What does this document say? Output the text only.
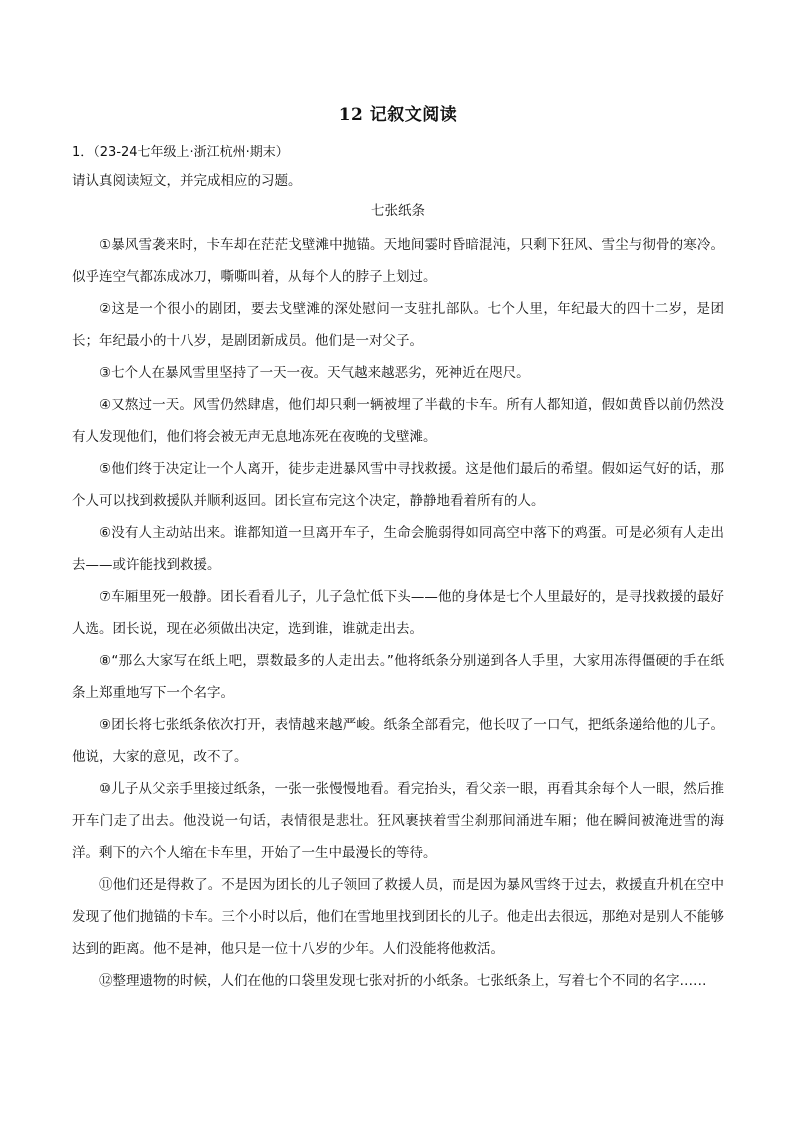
12 记叙文阅读
1．（23-24七年级上·浙江杭州·期末）
请认真阅读短文，并完成相应的习题。
七张纸条

①暴风雪袭来时，卡车却在茫茫戈壁滩中抛锚。天地间霎时昏暗混沌，只剩下狂风、雪尘与彻骨的寒冷。似乎连空气都冻成冰刀，嘶嘶叫着，从每个人的脖子上划过。

②这是一个很小的剧团，要去戈壁滩的深处慰问一支驻扎部队。七个人里，年纪最大的四十二岁，是团长；年纪最小的十八岁，是剧团新成员。他们是一对父子。

③七个人在暴风雪里坚持了一天一夜。天气越来越恶劣，死神近在咫尺。

④又熬过一天。风雪仍然肆虐，他们却只剩一辆被埋了半截的卡车。所有人都知道，假如黄昏以前仍然没有人发现他们，他们将会被无声无息地冻死在夜晚的戈壁滩。

⑤他们终于决定让一个人离开，徒步走进暴风雪中寻找救援。这是他们最后的希望。假如运气好的话，那个人可以找到救援队并顺利返回。团长宣布完这个决定，静静地看着所有的人。

⑥没有人主动站出来。谁都知道一旦离开车子，生命会脆弱得如同高空中落下的鸡蛋。可是必须有人走出去——或许能找到救援。

⑦车厢里死一般静。团长看看儿子，儿子急忙低下头——他的身体是七个人里最好的，是寻找救援的最好人选。团长说，现在必须做出决定，选到谁，谁就走出去。

⑧“那么大家写在纸上吧，票数最多的人走出去。”他将纸条分别递到各人手里，大家用冻得僵硬的手在纸条上郑重地写下一个名字。

⑨团长将七张纸条依次打开，表情越来越严峻。纸条全部看完，他长叹了一口气，把纸条递给他的儿子。他说，大家的意见，改不了。

⑩儿子从父亲手里接过纸条，一张一张慢慢地看。看完抬头，看父亲一眼，再看其余每个人一眼，然后推开车门走了出去。他没说一句话，表情很是悲壮。狂风裹挟着雪尘刹那间涌进车厢；他在瞬间被淹进雪的海洋。剩下的六个人缩在卡车里，开始了一生中最漫长的等待。

⑪他们还是得救了。不是因为团长的儿子领回了救援人员，而是因为暴风雪终于过去，救援直升机在空中发现了他们抛锚的卡车。三个小时以后，他们在雪地里找到团长的儿子。他走出去很远，那绝对是别人不能够达到的距离。他不是神，他只是一位十八岁的少年。人们没能将他救活。

⑫整理遗物的时候，人们在他的口袋里发现七张对折的小纸条。七张纸条上，写着七个不同的名字……
